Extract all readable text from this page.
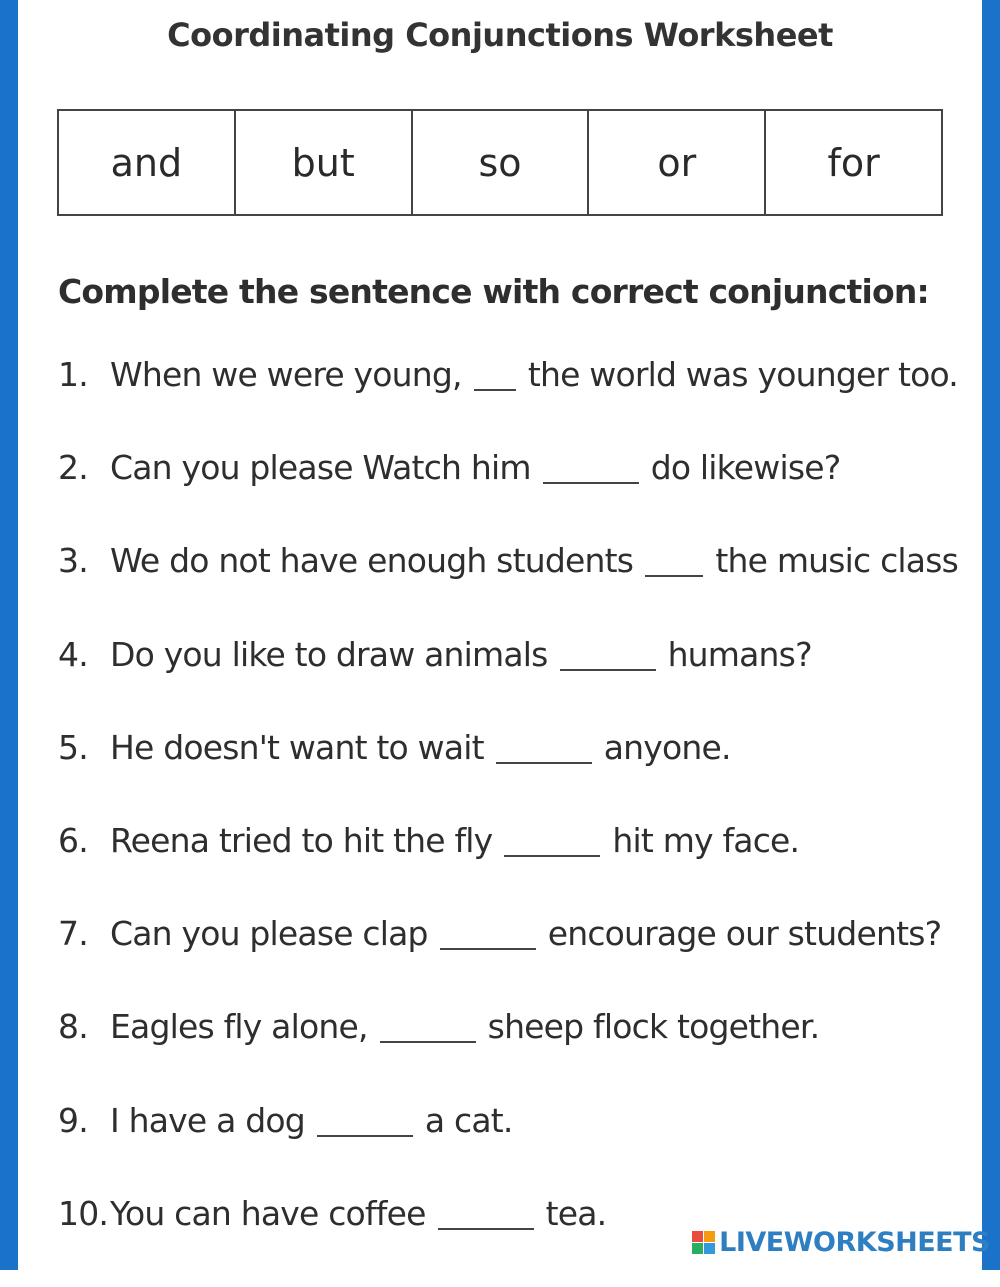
Coordinating Conjunctions Worksheet
and	but	so	or	for
Complete the sentence with correct conjunction:
1. When we were young, the world was younger too.
2. Can you please Watch him	do likewise?
3. We do not have enough students the music class
4. Do you like to draw animals	humans?
5. He doesn't want to wait	anyone.
6. Reena tried to hit the fly	hit my face.
7. Can you please clap	encourage our students?
8. Eagles fly alone,	sheep flock together.
9. I have a dog	a cat.
10. You can have coffee	tea.
LIVEWORKSHEETS
